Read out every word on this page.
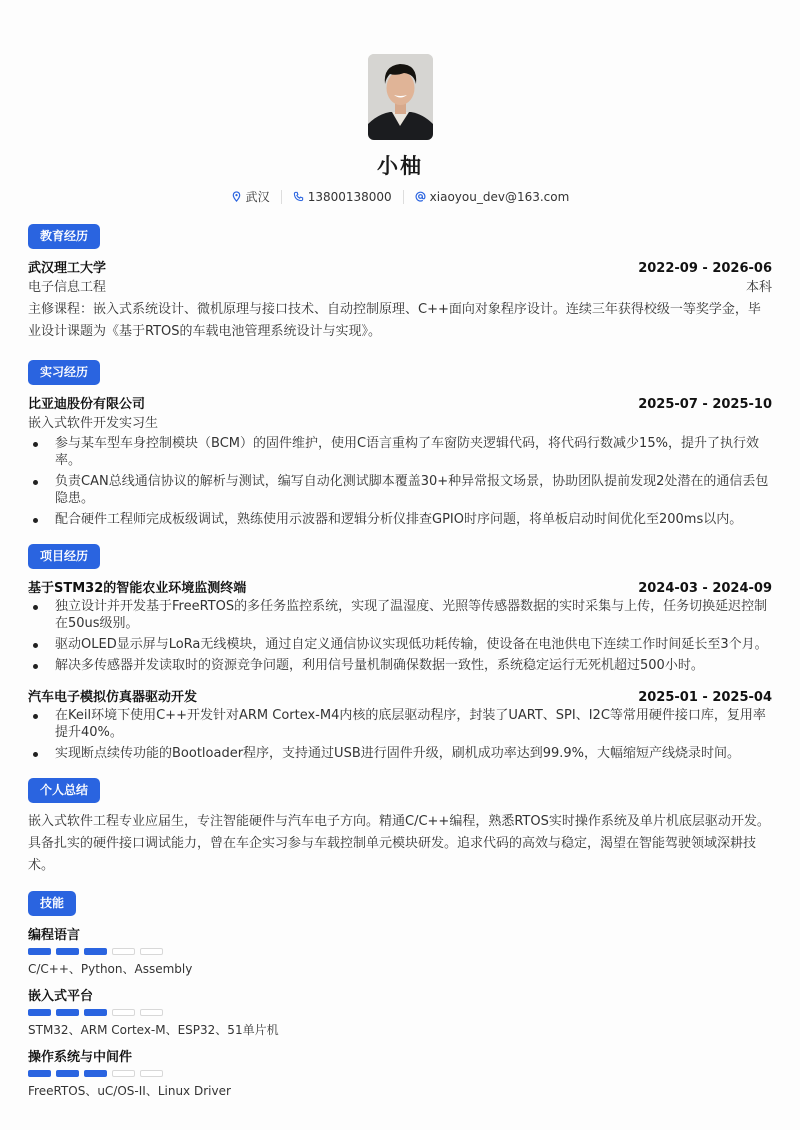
小柚
武汉	13800138000	xiaoyou_dev@163.com
教育经历
武汉理工大学	2022-09 - 2026-06
电子信息工程	本科
主修课程：嵌入式系统设计、微机原理与接口技术、自动控制原理、C++面向对象程序设计。连续三年获得校级一等奖学金，毕业设计课题为《基于RTOS的车载电池管理系统设计与实现》。
实习经历
比亚迪股份有限公司	2025-07 - 2025-10
嵌入式软件开发实习生
参与某车型车身控制模块（BCM）的固件维护，使用C语言重构了车窗防夹逻辑代码，将代码行数减少15%，提升了执行效率。
负责CAN总线通信协议的解析与测试，编写自动化测试脚本覆盖30+种异常报文场景，协助团队提前发现2处潜在的通信丢包隐患。
配合硬件工程师完成板级调试，熟练使用示波器和逻辑分析仪排查GPIO时序问题，将单板启动时间优化至200ms以内。
项目经历
基于STM32的智能农业环境监测终端	2024-03 - 2024-09
独立设计并开发基于FreeRTOS的多任务监控系统，实现了温湿度、光照等传感器数据的实时采集与上传，任务切换延迟控制在50us级别。
驱动OLED显示屏与LoRa无线模块，通过自定义通信协议实现低功耗传输，使设备在电池供电下连续工作时间延长至3个月。
解决多传感器并发读取时的资源竞争问题，利用信号量机制确保数据一致性，系统稳定运行无死机超过500小时。
汽车电子模拟仿真器驱动开发	2025-01 - 2025-04
在Keil环境下使用C++开发针对ARM Cortex-M4内核的底层驱动程序，封装了UART、SPI、I2C等常用硬件接口库，复用率提升40%。
实现断点续传功能的Bootloader程序，支持通过USB进行固件升级，刷机成功率达到99.9%，大幅缩短产线烧录时间。
个人总结
嵌入式软件工程专业应届生，专注智能硬件与汽车电子方向。精通C/C++编程，熟悉RTOS实时操作系统及单片机底层驱动开发。具备扎实的硬件接口调试能力，曾在车企实习参与车载控制单元模块研发。追求代码的高效与稳定，渴望在智能驾驶领域深耕技术。
技能
编程语言
C/C++、Python、Assembly
嵌入式平台
STM32、ARM Cortex-M、ESP32、51单片机
操作系统与中间件
FreeRTOS、uC/OS-II、Linux Driver
